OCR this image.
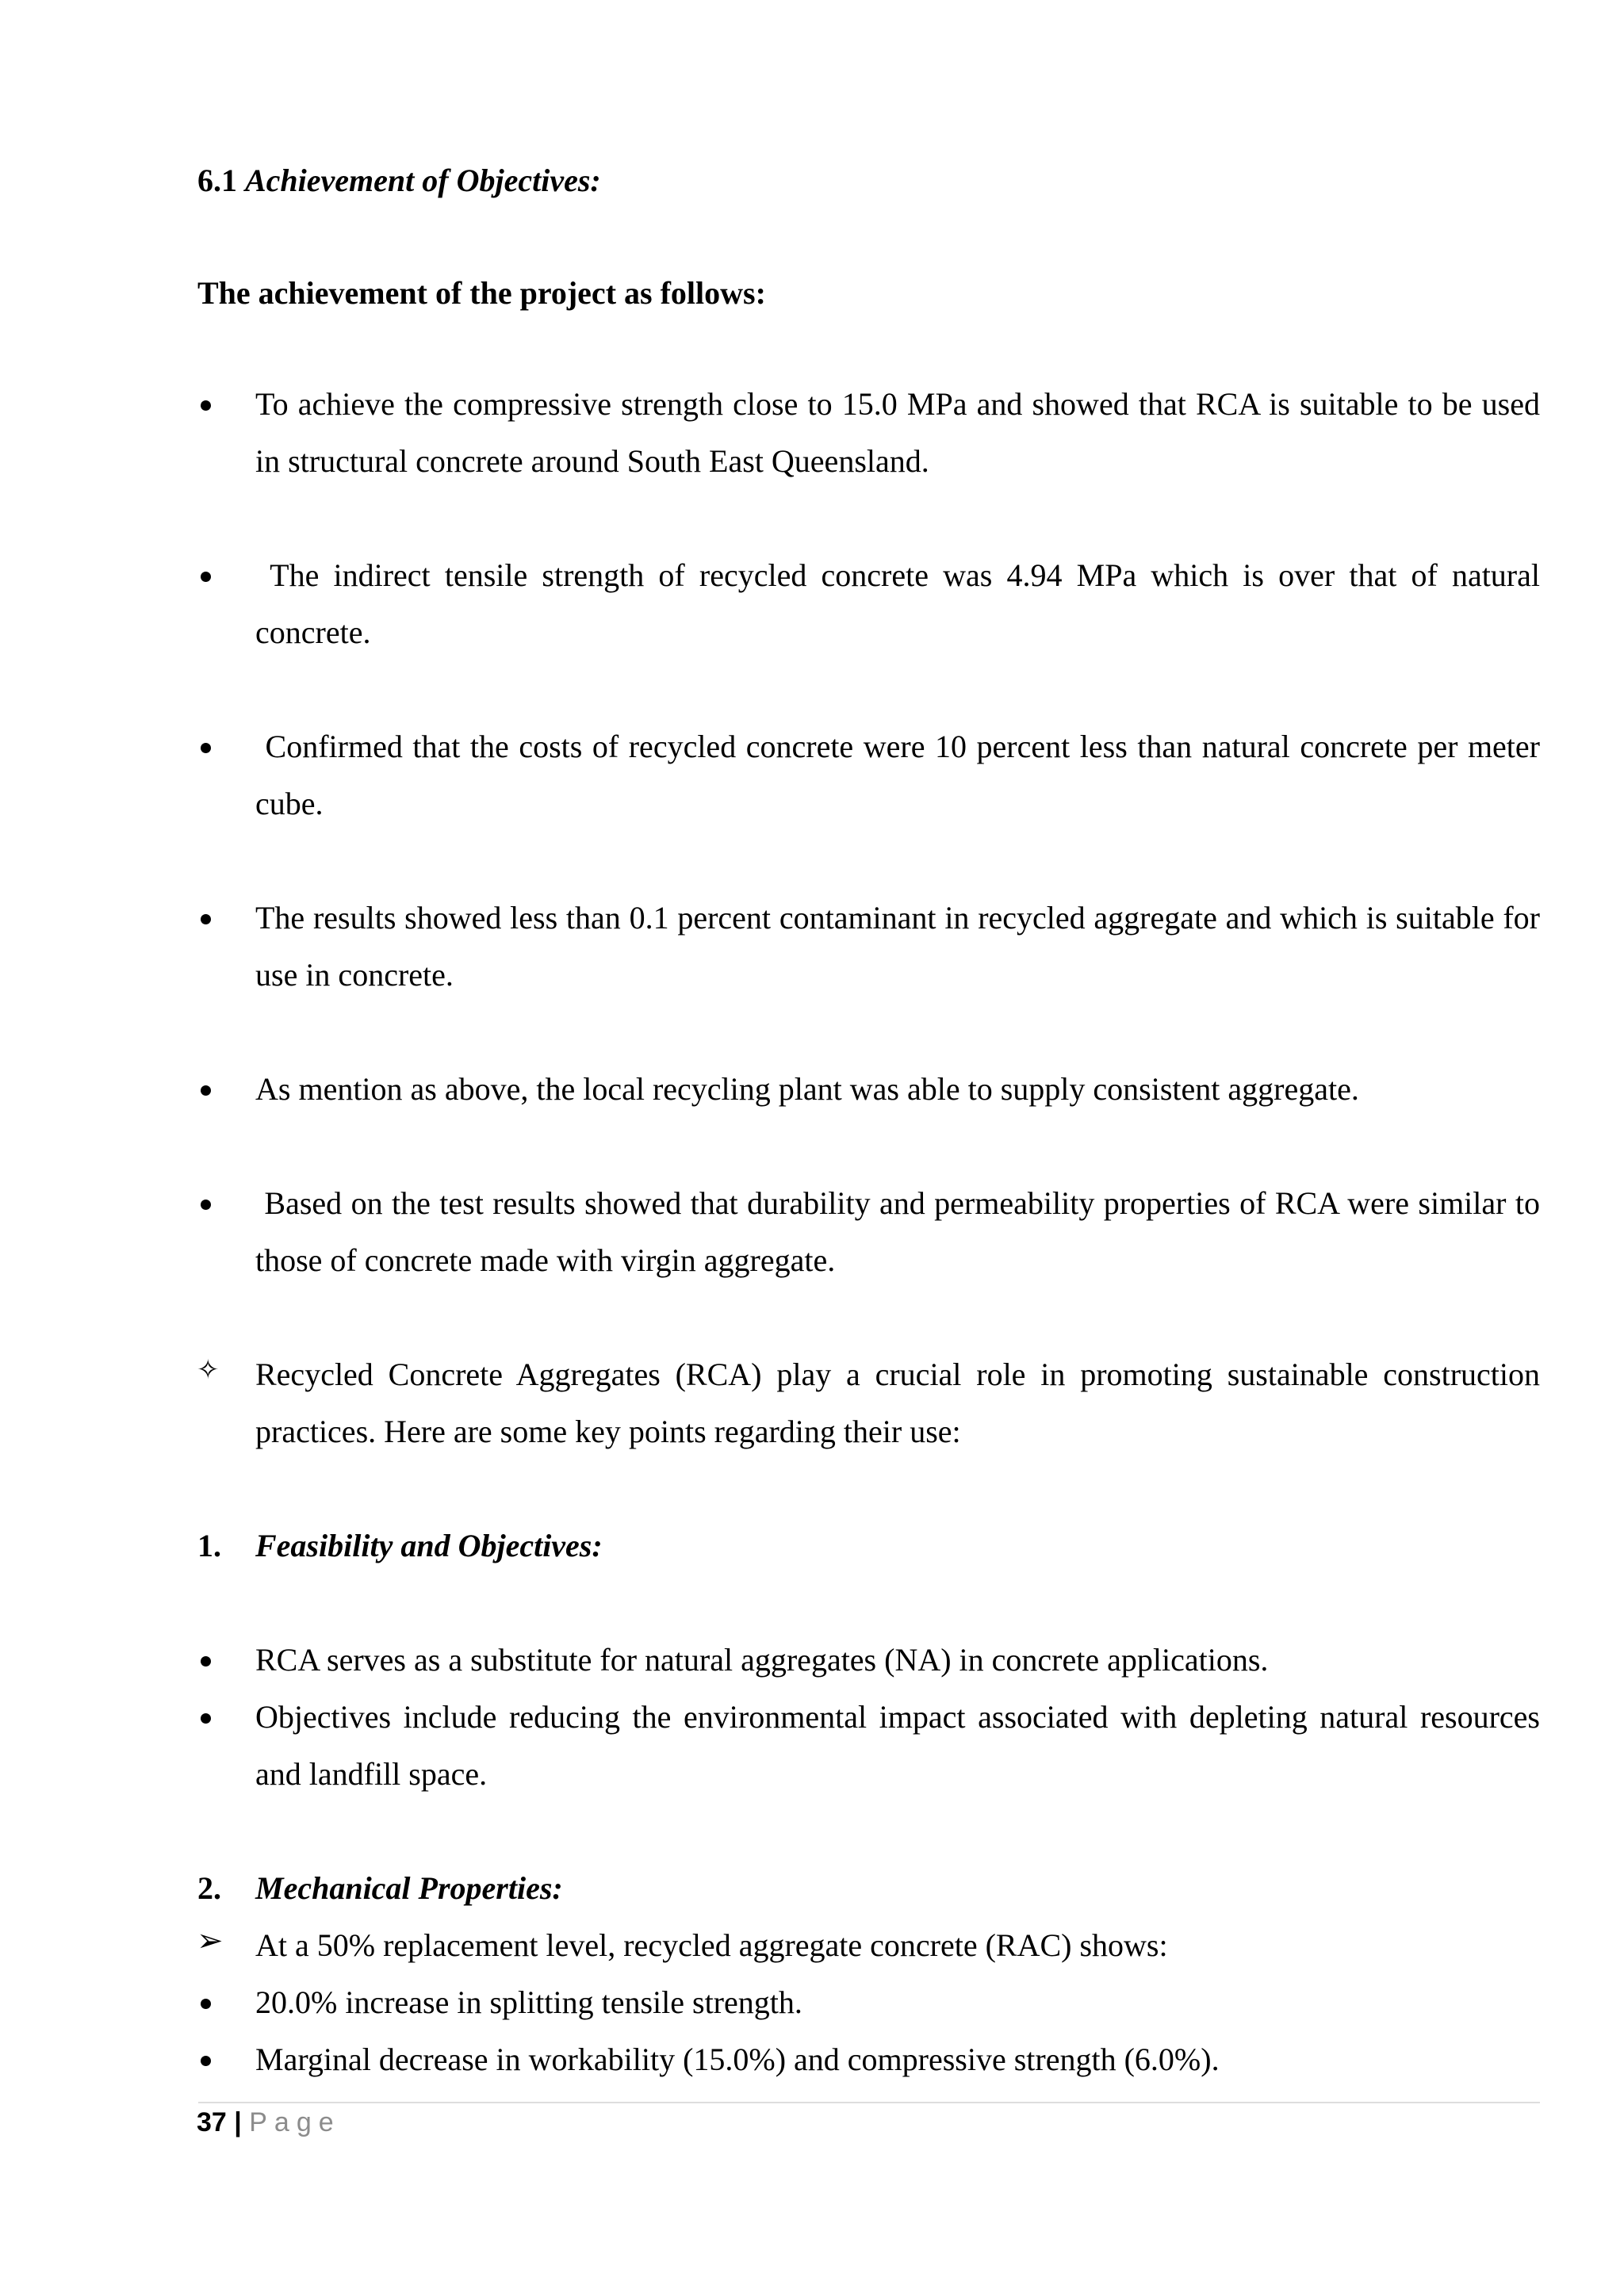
6.1 Achievement of Objectives:
The achievement of the project as follows:
To achieve the compressive strength close to 15.0 MPa and showed that RCA is suitable to be used in structural concrete around South East Queensland.
The indirect tensile strength of recycled concrete was 4.94 MPa which is over that of natural concrete.
Confirmed that the costs of recycled concrete were 10 percent less than natural concrete per meter cube.
The results showed less than 0.1 percent contaminant in recycled aggregate and which is suitable for use in concrete.
As mention as above, the local recycling plant was able to supply consistent aggregate.
Based on the test results showed that durability and permeability properties of RCA were similar to those of concrete made with virgin aggregate.
✧ Recycled Concrete Aggregates (RCA) play a crucial role in promoting sustainable construction practices. Here are some key points regarding their use:
1. Feasibility and Objectives:
RCA serves as a substitute for natural aggregates (NA) in concrete applications.
Objectives include reducing the environmental impact associated with depleting natural resources and landfill space.
2. Mechanical Properties:
➢ At a 50% replacement level, recycled aggregate concrete (RAC) shows:
20.0% increase in splitting tensile strength.
Marginal decrease in workability (15.0%) and compressive strength (6.0%).
37 | Page
